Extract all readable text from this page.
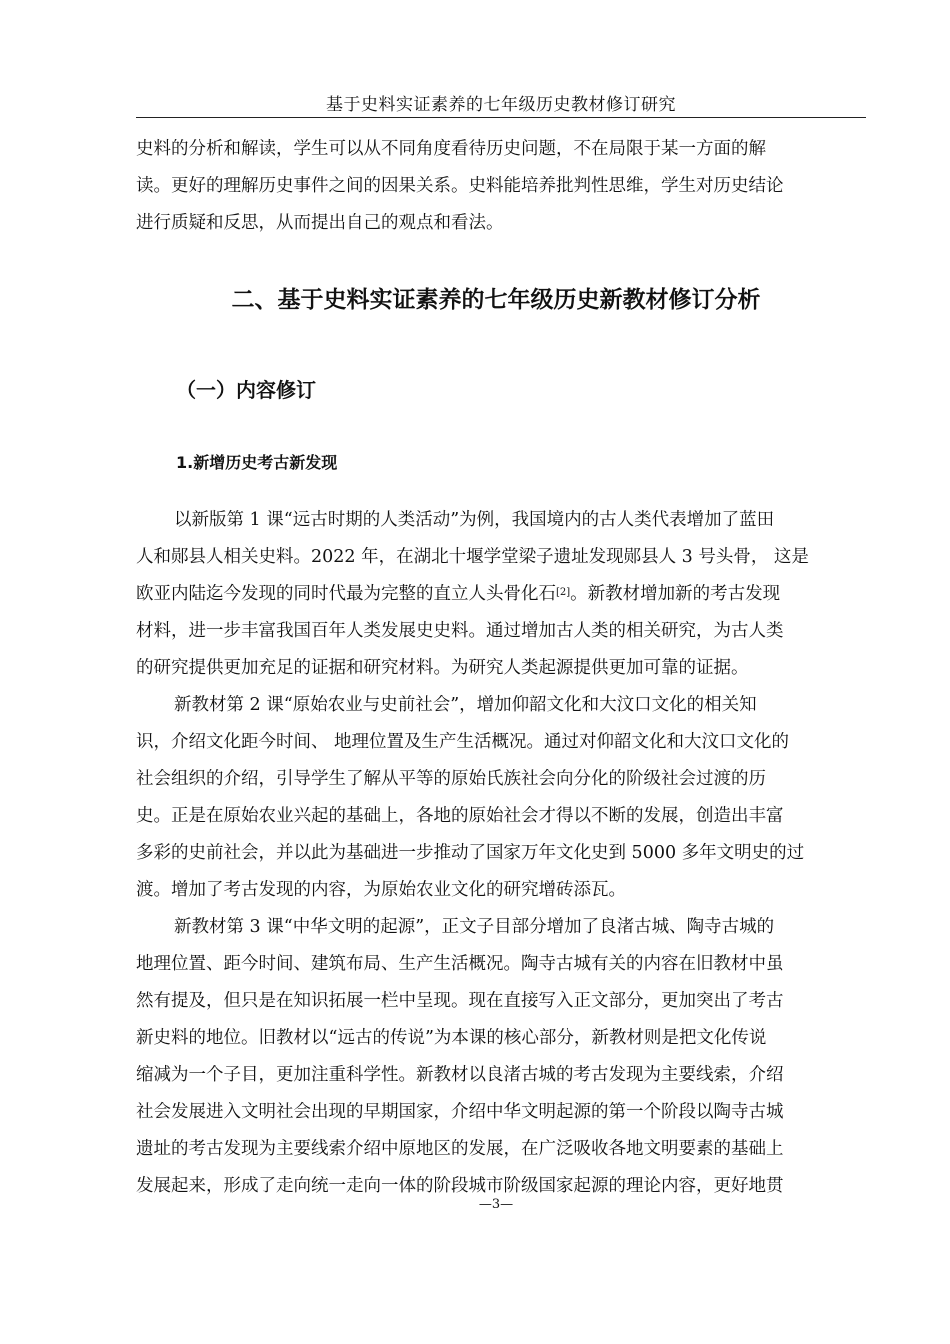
基于史料实证素养的七年级历史教材修订研究
史料的分析和解读，学生可以从不同角度看待历史问题，不在局限于某一方面的解
读。更好的理解历史事件之间的因果关系。史料能培养批判性思维，学生对历史结论
进行质疑和反思，从而提出自己的观点和看法。
二、基于史料实证素养的七年级历史新教材修订分析
（一）内容修订
1.新增历史考古新发现
以新版第 1 课“远古时期的人类活动”为例，我国境内的古人类代表增加了蓝田
人和郧县人相关史料。2022 年，在湖北十堰学堂梁子遗址发现郧县人 3 号头骨， 这是
欧亚内陆迄今发现的同时代最为完整的直立人头骨化石[2]。新教材增加新的考古发现
材料，进一步丰富我国百年人类发展史史料。通过增加古人类的相关研究，为古人类
的研究提供更加充足的证据和研究材料。为研究人类起源提供更加可靠的证据。
新教材第 2 课“原始农业与史前社会”，增加仰韶文化和大汶口文化的相关知
识，介绍文化距今时间、 地理位置及生产生活概况。通过对仰韶文化和大汶口文化的
社会组织的介绍，引导学生了解从平等的原始氏族社会向分化的阶级社会过渡的历
史。正是在原始农业兴起的基础上，各地的原始社会才得以不断的发展，创造出丰富
多彩的史前社会，并以此为基础进一步推动了国家万年文化史到 5000 多年文明史的过
渡。增加了考古发现的内容，为原始农业文化的研究增砖添瓦。
新教材第 3 课“中华文明的起源”，正文子目部分增加了良渚古城、陶寺古城的
地理位置、距今时间、建筑布局、生产生活概况。陶寺古城有关的内容在旧教材中虽
然有提及，但只是在知识拓展一栏中呈现。现在直接写入正文部分，更加突出了考古
新史料的地位。旧教材以“远古的传说”为本课的核心部分，新教材则是把文化传说
缩减为一个子目，更加注重科学性。新教材以良渚古城的考古发现为主要线索，介绍
社会发展进入文明社会出现的早期国家，介绍中华文明起源的第一个阶段以陶寺古城
遗址的考古发现为主要线索介绍中原地区的发展，在广泛吸收各地文明要素的基础上
发展起来，形成了走向统一走向一体的阶段城市阶级国家起源的理论内容，更好地贯
—3—
